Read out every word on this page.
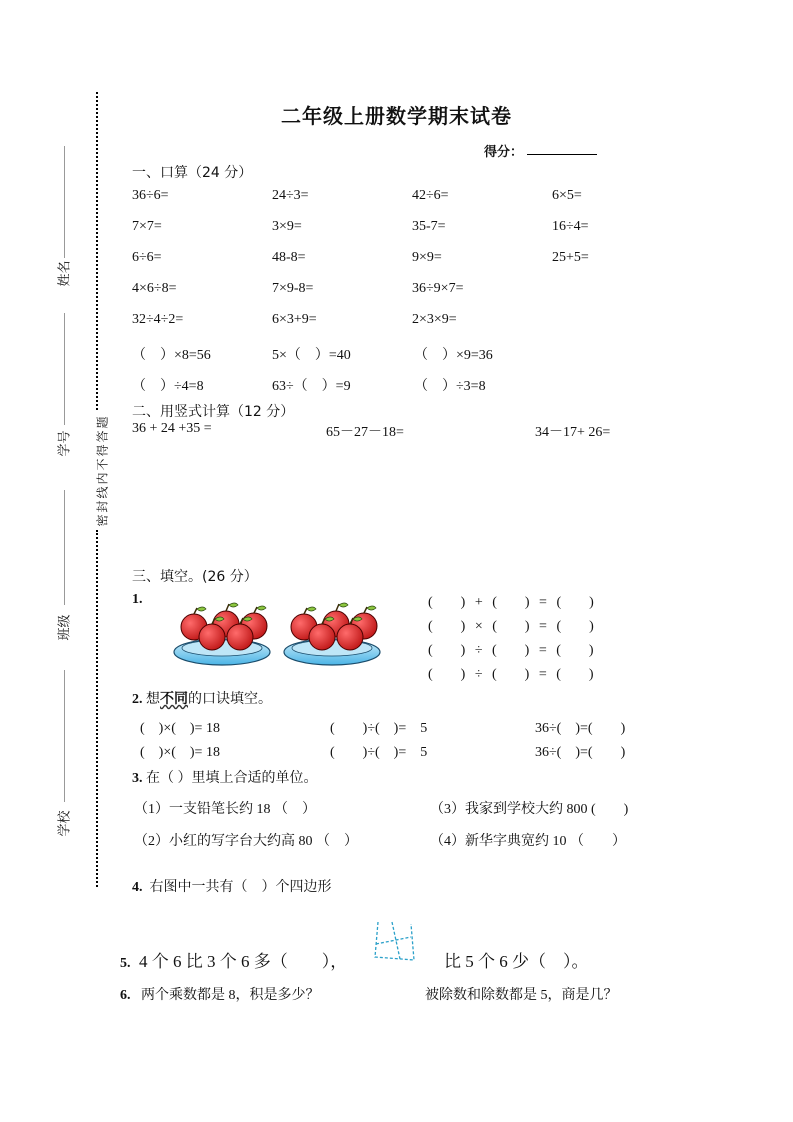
密封线内不得答题
姓名
学号
班级
学校
二年级上册数学期末试卷
得分：
一、口算（24 分）
36÷6=	24÷3=	42÷6=	6×5=
7×7=	3×9=	35-7=	16÷4=
6÷6=	48-8=	9×9=	25+5=
4×6÷8=	7×9-8=	36÷9×7=
32÷4÷2=	6×3+9=	2×3×9=
（　）×8=56	5×（　）=40	（　）×9=36
（　）÷4=8	63÷（　）=9	（　）÷3=8
二、用竖式计算（12 分）
36 + 24 +35 =	65－27－18=	34－17+ 26=
三、填空。(26 分）
1.	(　　) + (　　) = (　　)
(　　) × (　　) = (　　)
(　　) ÷ (　　) = (　　)
(　　) ÷ (　　) = (　　)
2. 想不同的口诀填空。
(　)×(　)= 18	(　　)÷(　)=　5	36÷(　)=(　　)
(　)×(　)= 18	(　　)÷(　)=　5	36÷(　)=(　　)
3. 在（ ）里填上合适的单位。
（1）一支铅笔长约 18 （　）	（3）我家到学校大约 800 (　　)
（2）小红的写字台大约高 80 （　）	（4）新华字典宽约 10 （　　）
4. 右图中一共有（　）个四边形
5. 4 个 6 比 3 个 6 多（　　），	比 5 个 6 少（　）。
6. 两个乘数都是 8，积是多少？	被除数和除数都是 5，商是几？
